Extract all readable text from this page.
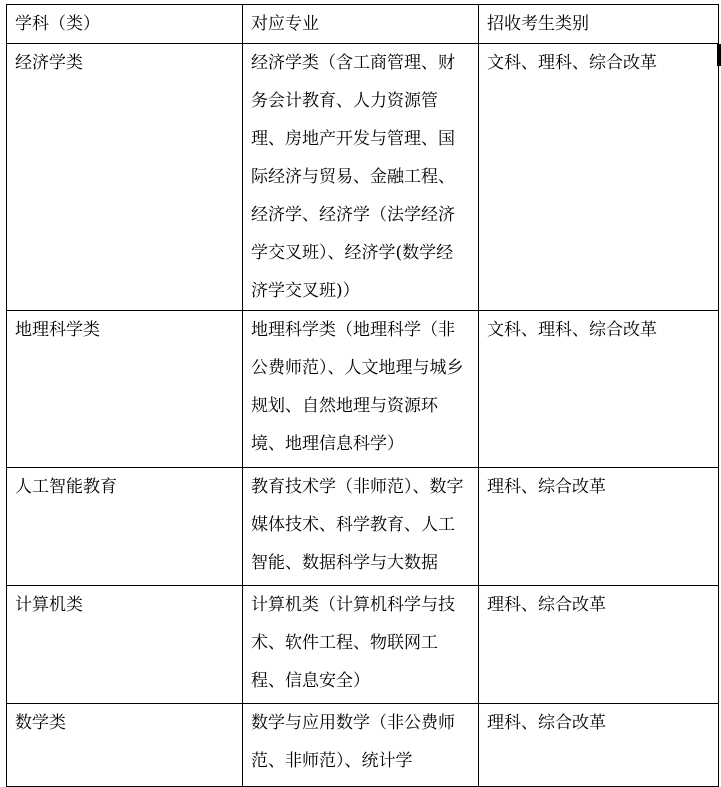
学科（类）	对应专业	招收考生类别

经济学类	经济学类（含工商管理、财务会计教育、人力资源管理、房地产开发与管理、国际经济与贸易、金融工程、经济学、经济学（法学经济学交叉班）、经济学(数学经济学交叉班)）	文科、理科、综合改革

地理科学类	地理科学类（地理科学（非公费师范）、人文地理与城乡规划、自然地理与资源环境、地理信息科学）	文科、理科、综合改革

人工智能教育	教育技术学（非师范）、数字媒体技术、科学教育、人工智能、数据科学与大数据	理科、综合改革

计算机类	计算机类（计算机科学与技术、软件工程、物联网工程、信息安全）	理科、综合改革

数学类	数学与应用数学（非公费师范、非师范）、统计学	理科、综合改革
